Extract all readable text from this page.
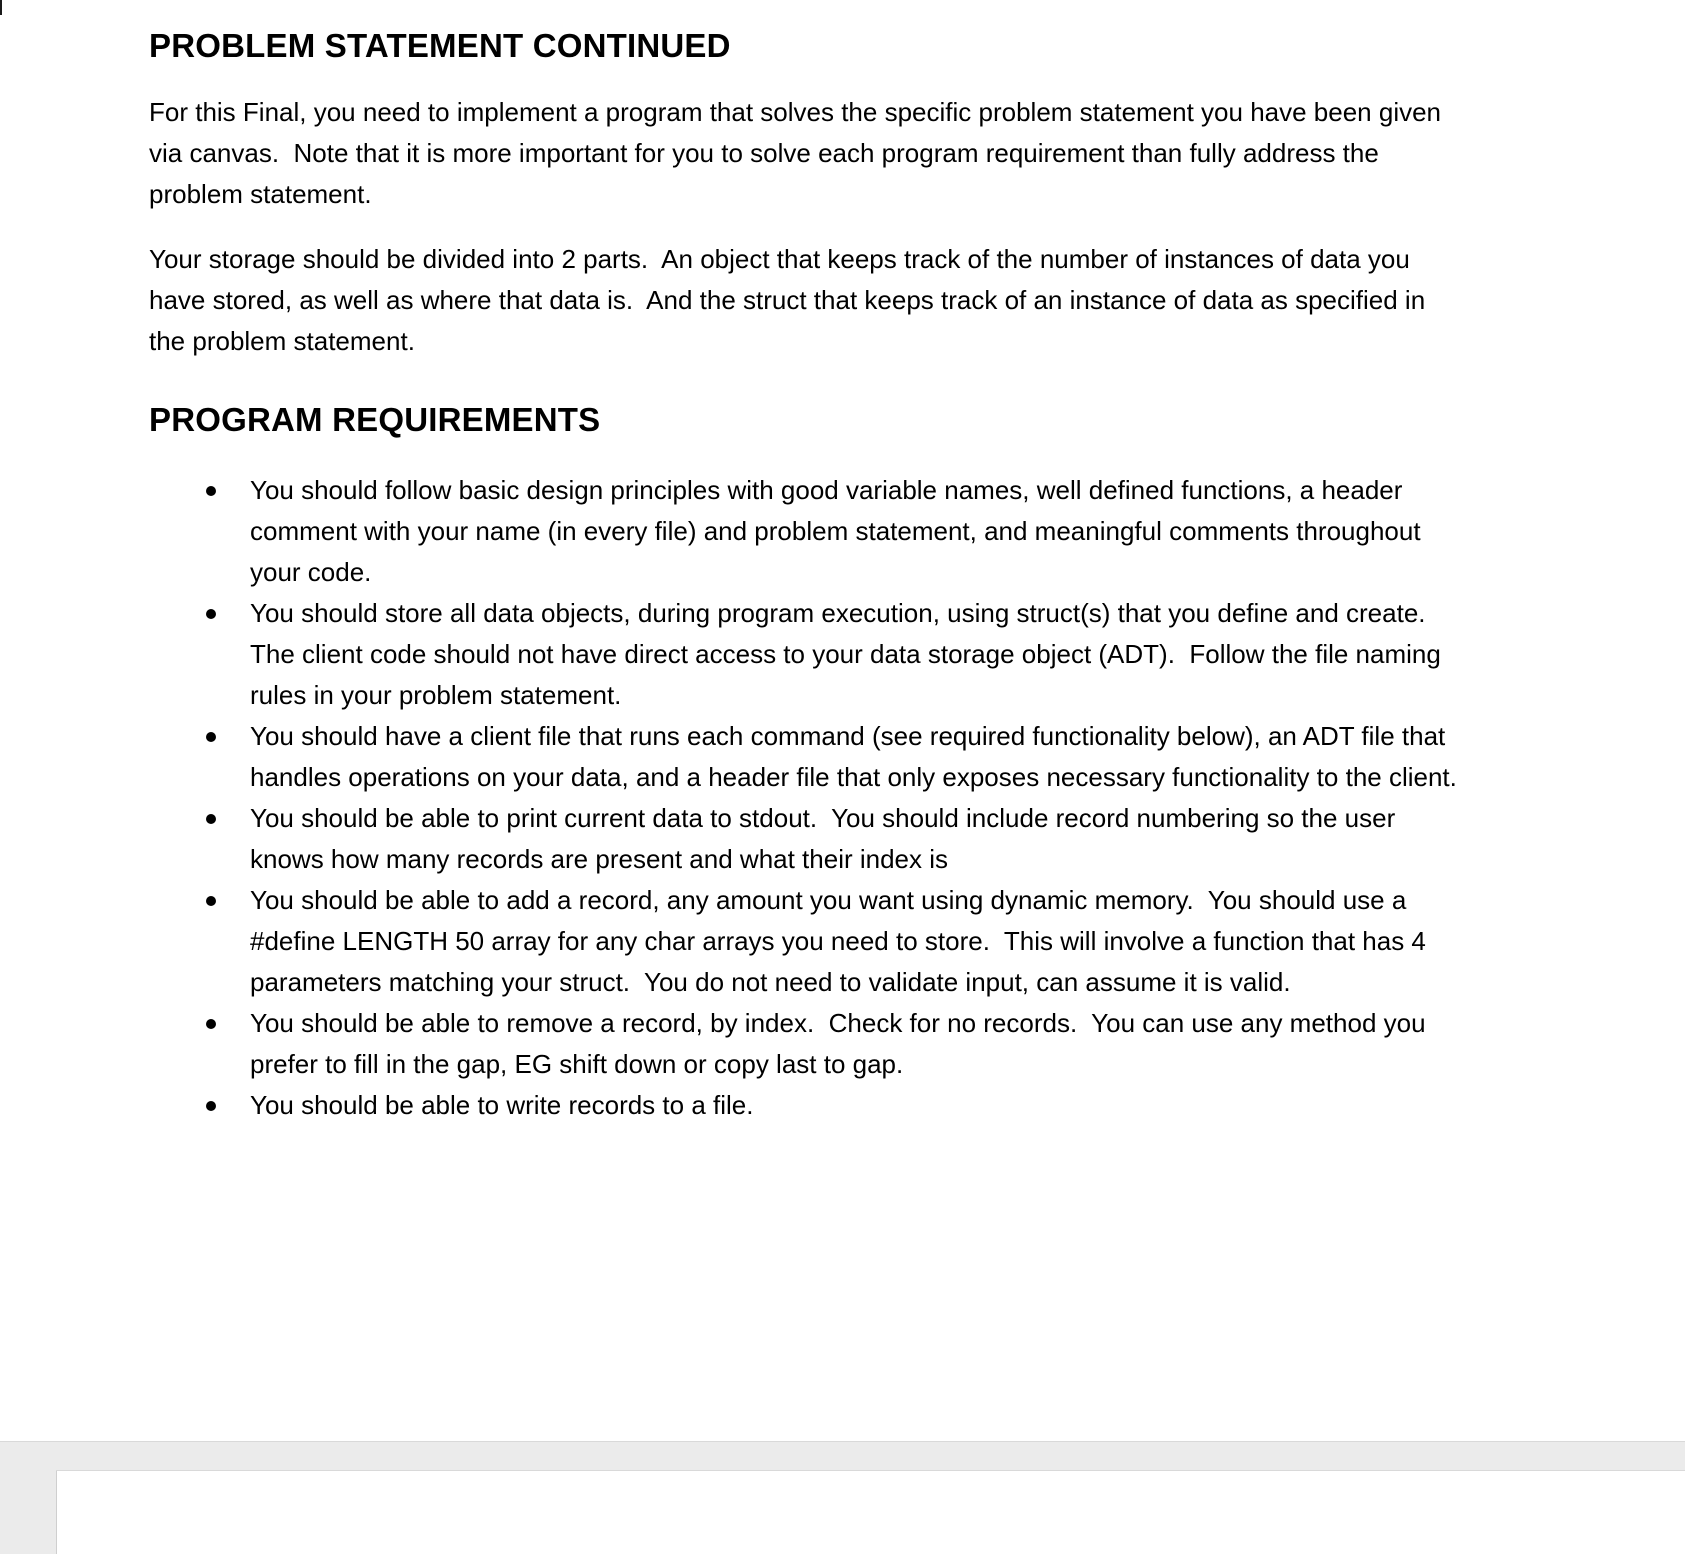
PROBLEM STATEMENT CONTINUED

For this Final, you need to implement a program that solves the specific problem statement you have been given via canvas.  Note that it is more important for you to solve each program requirement than fully address the problem statement.

Your storage should be divided into 2 parts.  An object that keeps track of the number of instances of data you have stored, as well as where that data is.  And the struct that keeps track of an instance of data as specified in the problem statement.

PROGRAM REQUIREMENTS
You should follow basic design principles with good variable names, well defined functions, a header comment with your name (in every file) and problem statement, and meaningful comments throughout your code.
You should store all data objects, during program execution, using struct(s) that you define and create.  The client code should not have direct access to your data storage object (ADT).  Follow the file naming rules in your problem statement.
You should have a client file that runs each command (see required functionality below), an ADT file that handles operations on your data, and a header file that only exposes necessary functionality to the client.
You should be able to print current data to stdout.  You should include record numbering so the user knows how many records are present and what their index is
You should be able to add a record, any amount you want using dynamic memory.  You should use a #define LENGTH 50 array for any char arrays you need to store.  This will involve a function that has 4 parameters matching your struct.  You do not need to validate input, can assume it is valid.
You should be able to remove a record, by index.  Check for no records.  You can use any method you prefer to fill in the gap, EG shift down or copy last to gap.
You should be able to write records to a file.
